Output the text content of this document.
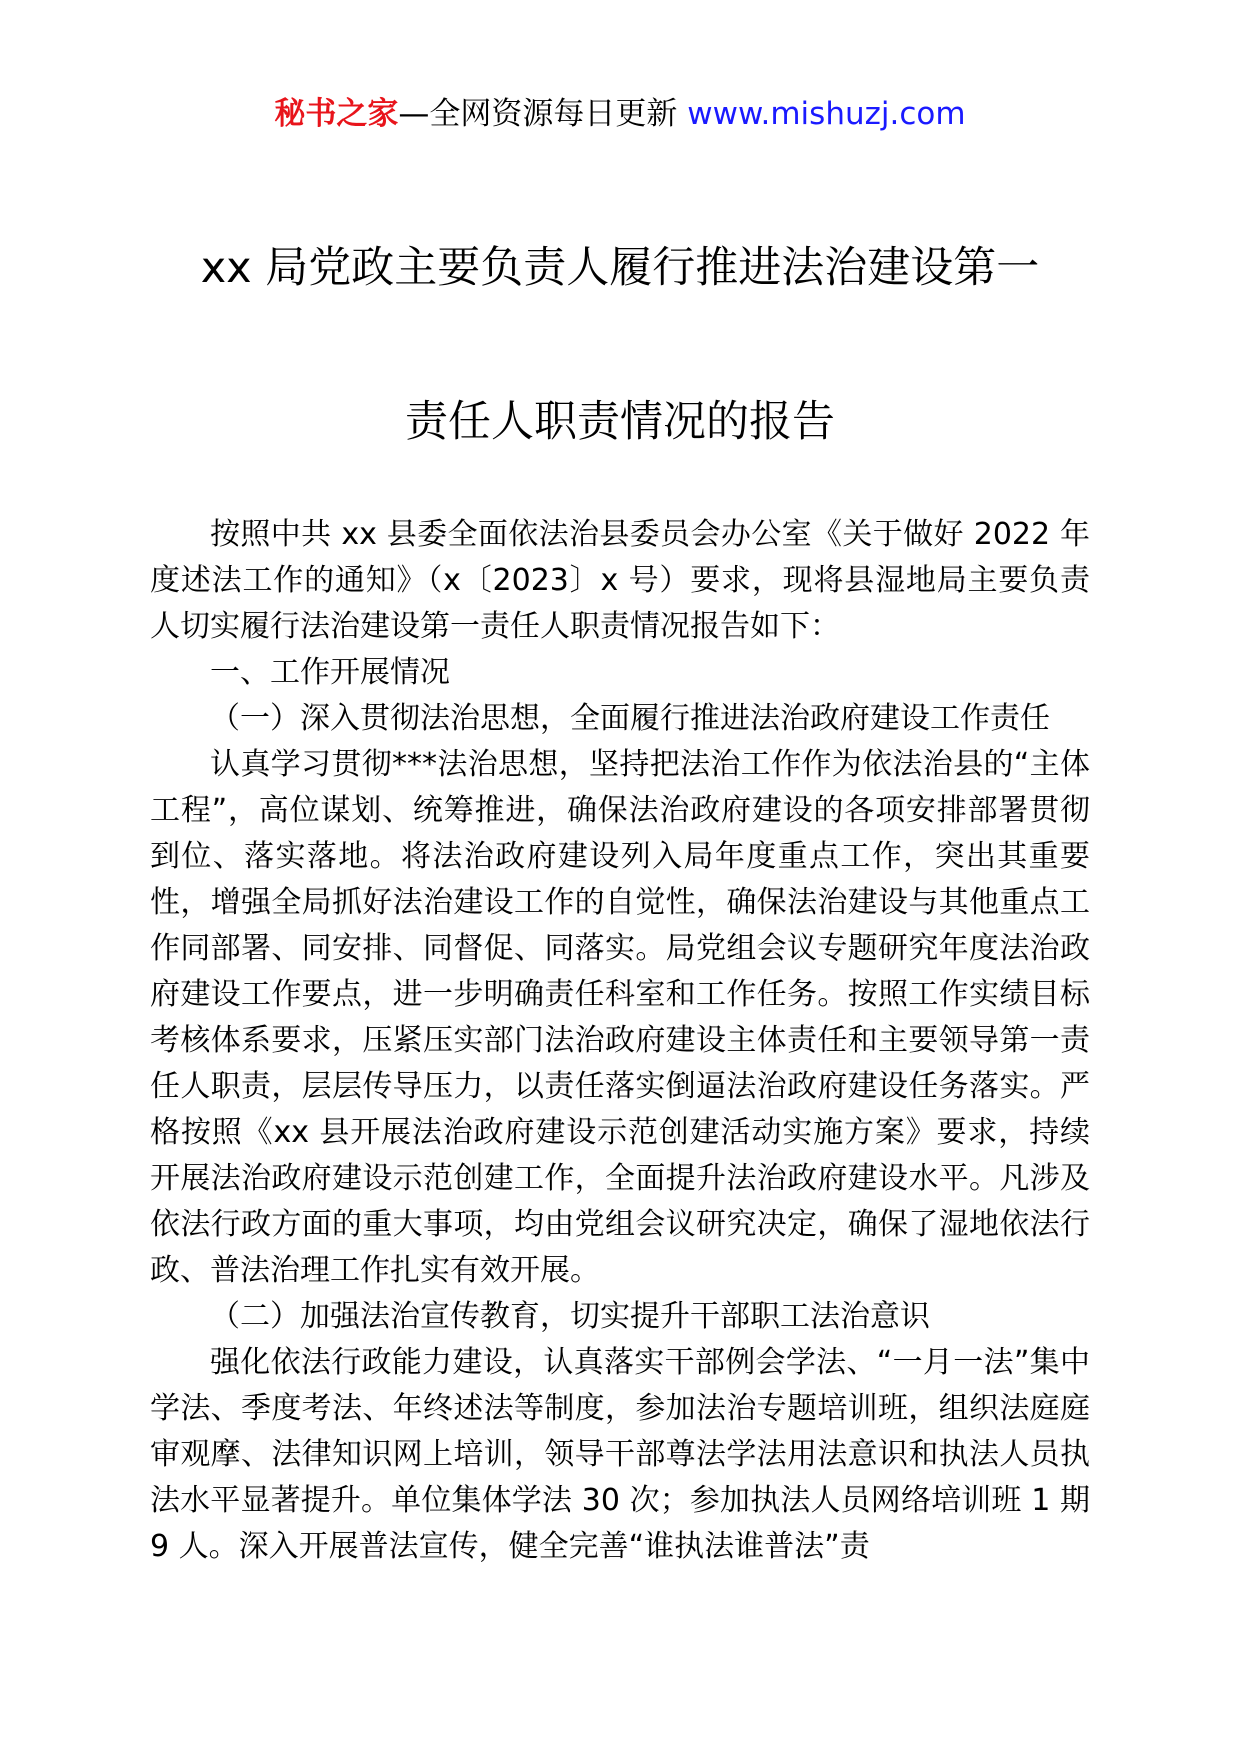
秘书之家—全网资源每日更新 www.mishuzj.com
xx 局党政主要负责人履行推进法治建设第一
责任人职责情况的报告

按照中共 xx 县委全面依法治县委员会办公室《关于做好 2022 年度述法工作的通知》（x〔2023〕x 号）要求，现将县湿地局主要负责人切实履行法治建设第一责任人职责情况报告如下：

一、工作开展情况

（一）深入贯彻法治思想，全面履行推进法治政府建设工作责任

认真学习贯彻***法治思想，坚持把法治工作作为依法治县的“主体工程”，高位谋划、统筹推进，确保法治政府建设的各项安排部署贯彻到位、落实落地。将法治政府建设列入局年度重点工作，突出其重要性，增强全局抓好法治建设工作的自觉性，确保法治建设与其他重点工作同部署、同安排、同督促、同落实。局党组会议专题研究年度法治政府建设工作要点，进一步明确责任科室和工作任务。按照工作实绩目标考核体系要求，压紧压实部门法治政府建设主体责任和主要领导第一责任人职责，层层传导压力，以责任落实倒逼法治政府建设任务落实。严格按照《xx 县开展法治政府建设示范创建活动实施方案》要求，持续开展法治政府建设示范创建工作，全面提升法治政府建设水平。凡涉及依法行政方面的重大事项，均由党组会议研究决定，确保了湿地依法行政、普法治理工作扎实有效开展。

（二）加强法治宣传教育，切实提升干部职工法治意识

强化依法行政能力建设，认真落实干部例会学法、“一月一法”集中学法、季度考法、年终述法等制度，参加法治专题培训班，组织法庭庭审观摩、法律知识网上培训，领导干部尊法学法用法意识和执法人员执法水平显著提升。单位集体学法 30 次；参加执法人员网络培训班 1 期 9 人。深入开展普法宣传，健全完善“谁执法谁普法”责
